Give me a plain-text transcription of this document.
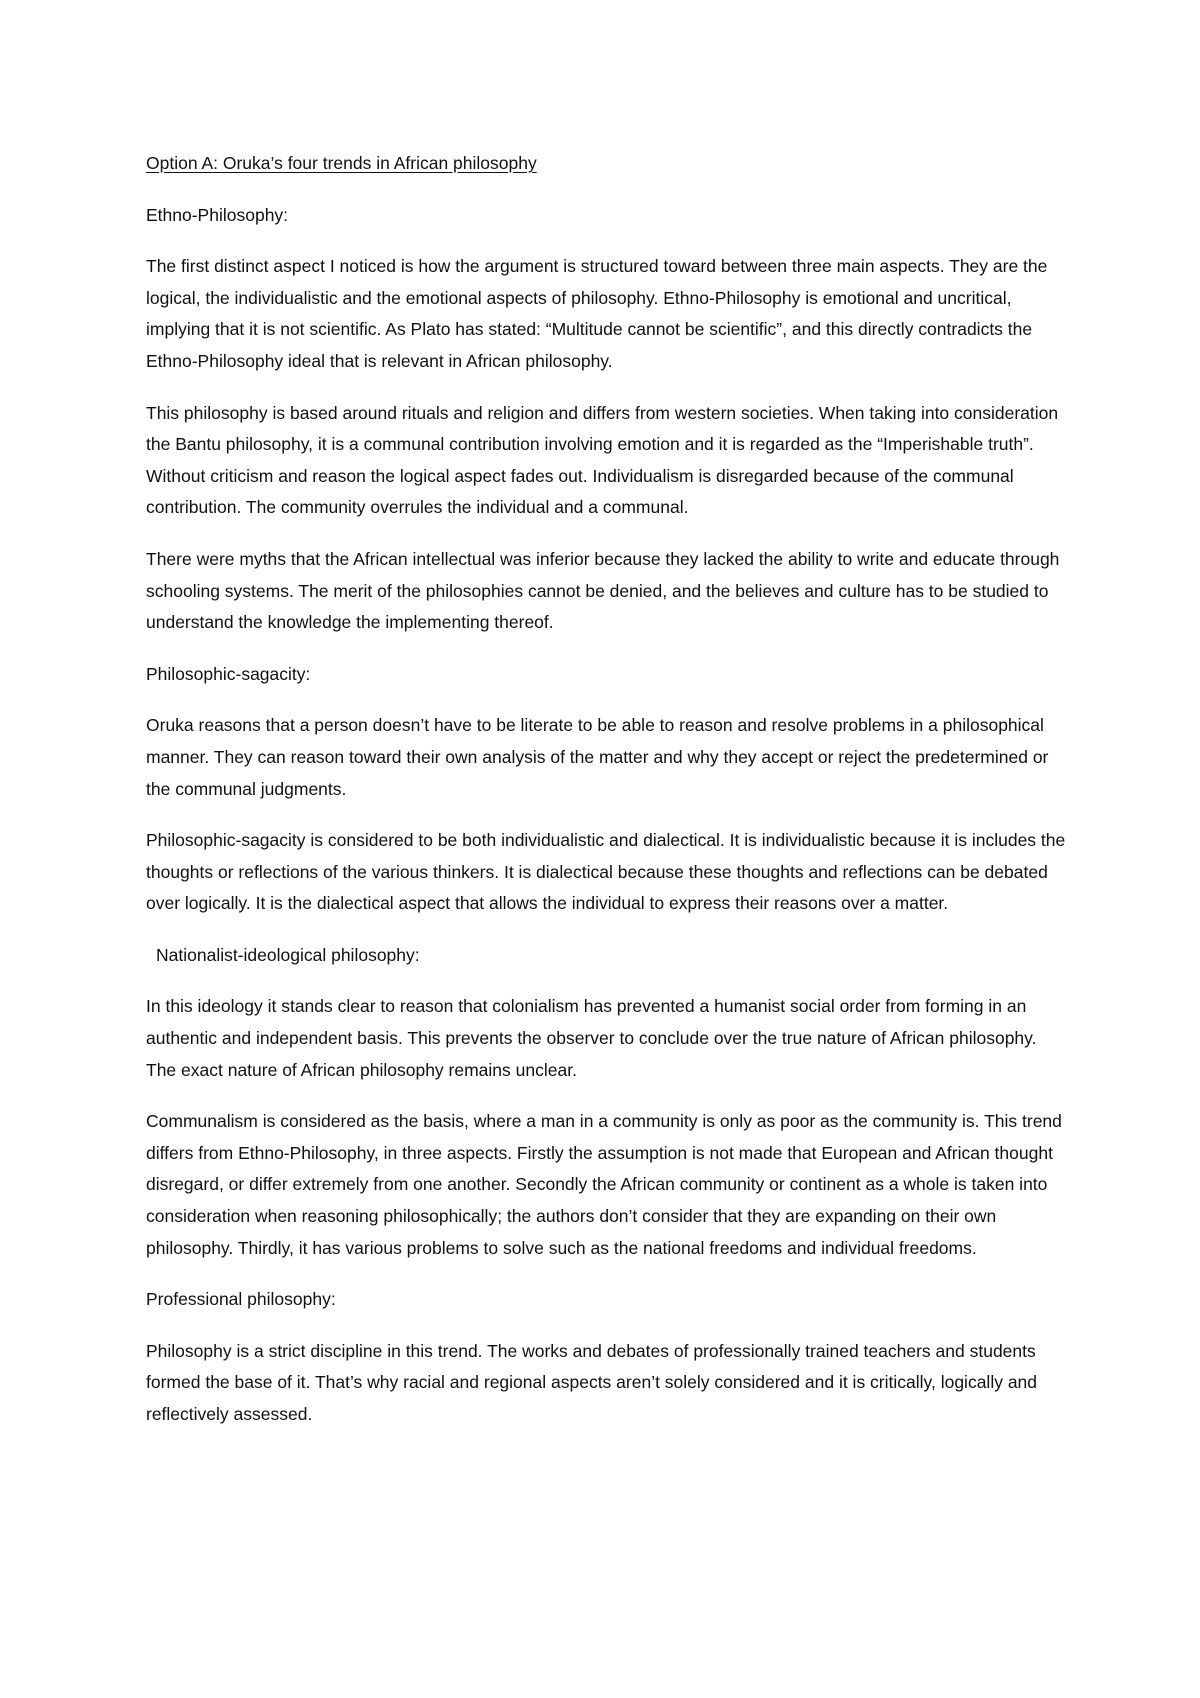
Option A: Oruka’s four trends in African philosophy

Ethno-Philosophy:

The first distinct aspect I noticed is how the argument is structured toward between three main aspects. They are the logical, the individualistic and the emotional aspects of philosophy. Ethno-Philosophy is emotional and uncritical, implying that it is not scientific. As Plato has stated: “Multitude cannot be scientific”, and this directly contradicts the Ethno-Philosophy ideal that is relevant in African philosophy.

This philosophy is based around rituals and religion and differs from western societies. When taking into consideration the Bantu philosophy, it is a communal contribution involving emotion and it is regarded as the “Imperishable truth”. Without criticism and reason the logical aspect fades out. Individualism is disregarded because of the communal contribution. The community overrules the individual and a communal.

There were myths that the African intellectual was inferior because they lacked the ability to write and educate through schooling systems. The merit of the philosophies cannot be denied, and the believes and culture has to be studied to understand the knowledge the implementing thereof.

Philosophic-sagacity:

Oruka reasons that a person doesn’t have to be literate to be able to reason and resolve problems in a philosophical manner. They can reason toward their own analysis of the matter and why they accept or reject the predetermined or the communal judgments.

Philosophic-sagacity is considered to be both individualistic and dialectical. It is individualistic because it is includes the thoughts or reflections of the various thinkers. It is dialectical because these thoughts and reflections can be debated over logically. It is the dialectical aspect that allows the individual to express their reasons over a matter.

Nationalist-ideological philosophy:

In this ideology it stands clear to reason that colonialism has prevented a humanist social order from forming in an authentic and independent basis. This prevents the observer to conclude over the true nature of African philosophy. The exact nature of African philosophy remains unclear.

Communalism is considered as the basis, where a man in a community is only as poor as the community is. This trend differs from Ethno-Philosophy, in three aspects. Firstly the assumption is not made that European and African thought disregard, or differ extremely from one another. Secondly the African community or continent as a whole is taken into consideration when reasoning philosophically; the authors don’t consider that they are expanding on their own philosophy. Thirdly, it has various problems to solve such as the national freedoms and individual freedoms.

Professional philosophy:

Philosophy is a strict discipline in this trend. The works and debates of professionally trained teachers and students formed the base of it. That’s why racial and regional aspects aren’t solely considered and it is critically, logically and reflectively assessed.
